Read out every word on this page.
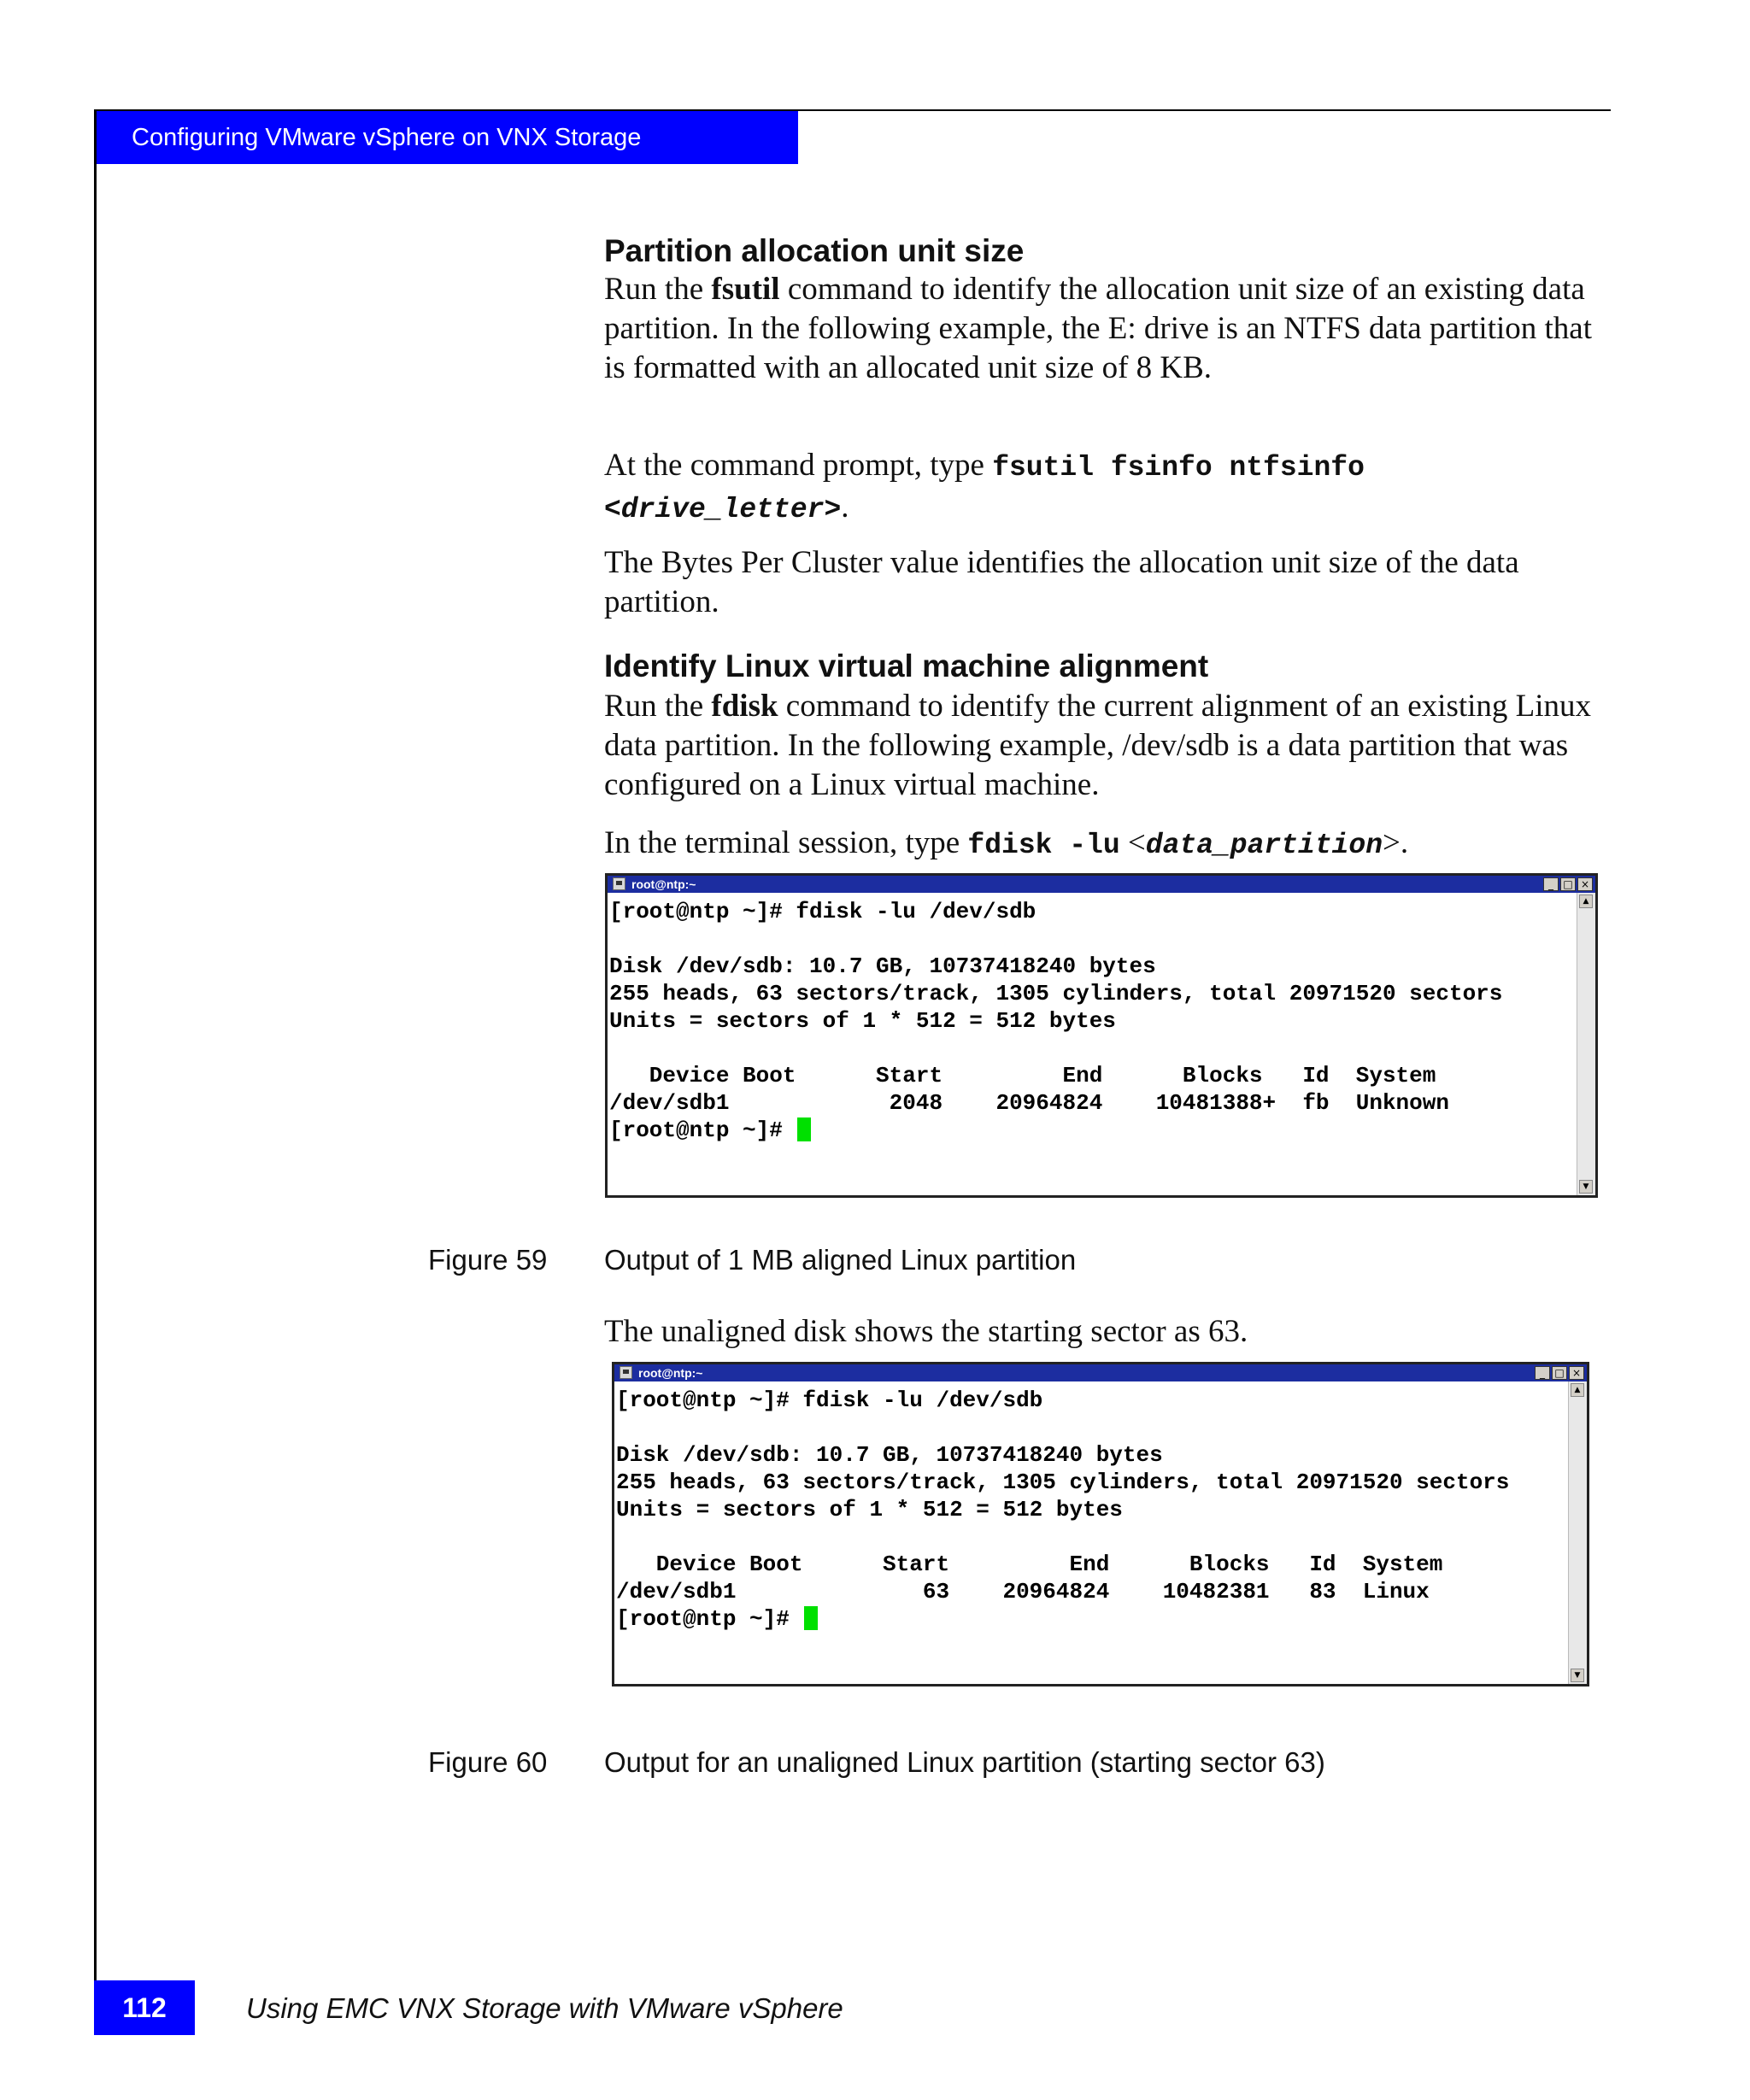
Configuring VMware vSphere on VNX Storage
Partition allocation unit size

Run the fsutil command to identify the allocation unit size of an existing data partition. In the following example, the E: drive is an NTFS data partition that is formatted with an allocated unit size of 8 KB.

At the command prompt, type fsutil fsinfo ntfsinfo <drive_letter>.

The Bytes Per Cluster value identifies the allocation unit size of the data partition.

Identify Linux virtual machine alignment

Run the fdisk command to identify the current alignment of an existing Linux data partition. In the following example, /dev/sdb is a data partition that was configured on a Linux virtual machine.

In the terminal session, type fdisk -lu <data_partition>.

root@ntp:~	_ □ ×
[root@ntp ~]# fdisk -lu /dev/sdb
Disk /dev/sdb: 10.7 GB, 10737418240 bytes
255 heads, 63 sectors/track, 1305 cylinders, total 20971520 sectors
Units = sectors of 1 * 512 = 512 bytes
Device Boot      Start         End      Blocks   Id  System
/dev/sdb1            2048    20964824    10481388+  fb  Unknown
[root@ntp ~]#
▲
▼
Figure 59 Output of 1 MB aligned Linux partition

The unaligned disk shows the starting sector as 63.

root@ntp:~	_ □ ×
[root@ntp ~]# fdisk -lu /dev/sdb
Disk /dev/sdb: 10.7 GB, 10737418240 bytes
255 heads, 63 sectors/track, 1305 cylinders, total 20971520 sectors
Units = sectors of 1 * 512 = 512 bytes
Device Boot      Start         End      Blocks   Id  System
/dev/sdb1              63    20964824    10482381   83  Linux
[root@ntp ~]#
▲
▼
Figure 60 Output for an unaligned Linux partition (starting sector 63)
112	Using EMC VNX Storage with VMware vSphere
